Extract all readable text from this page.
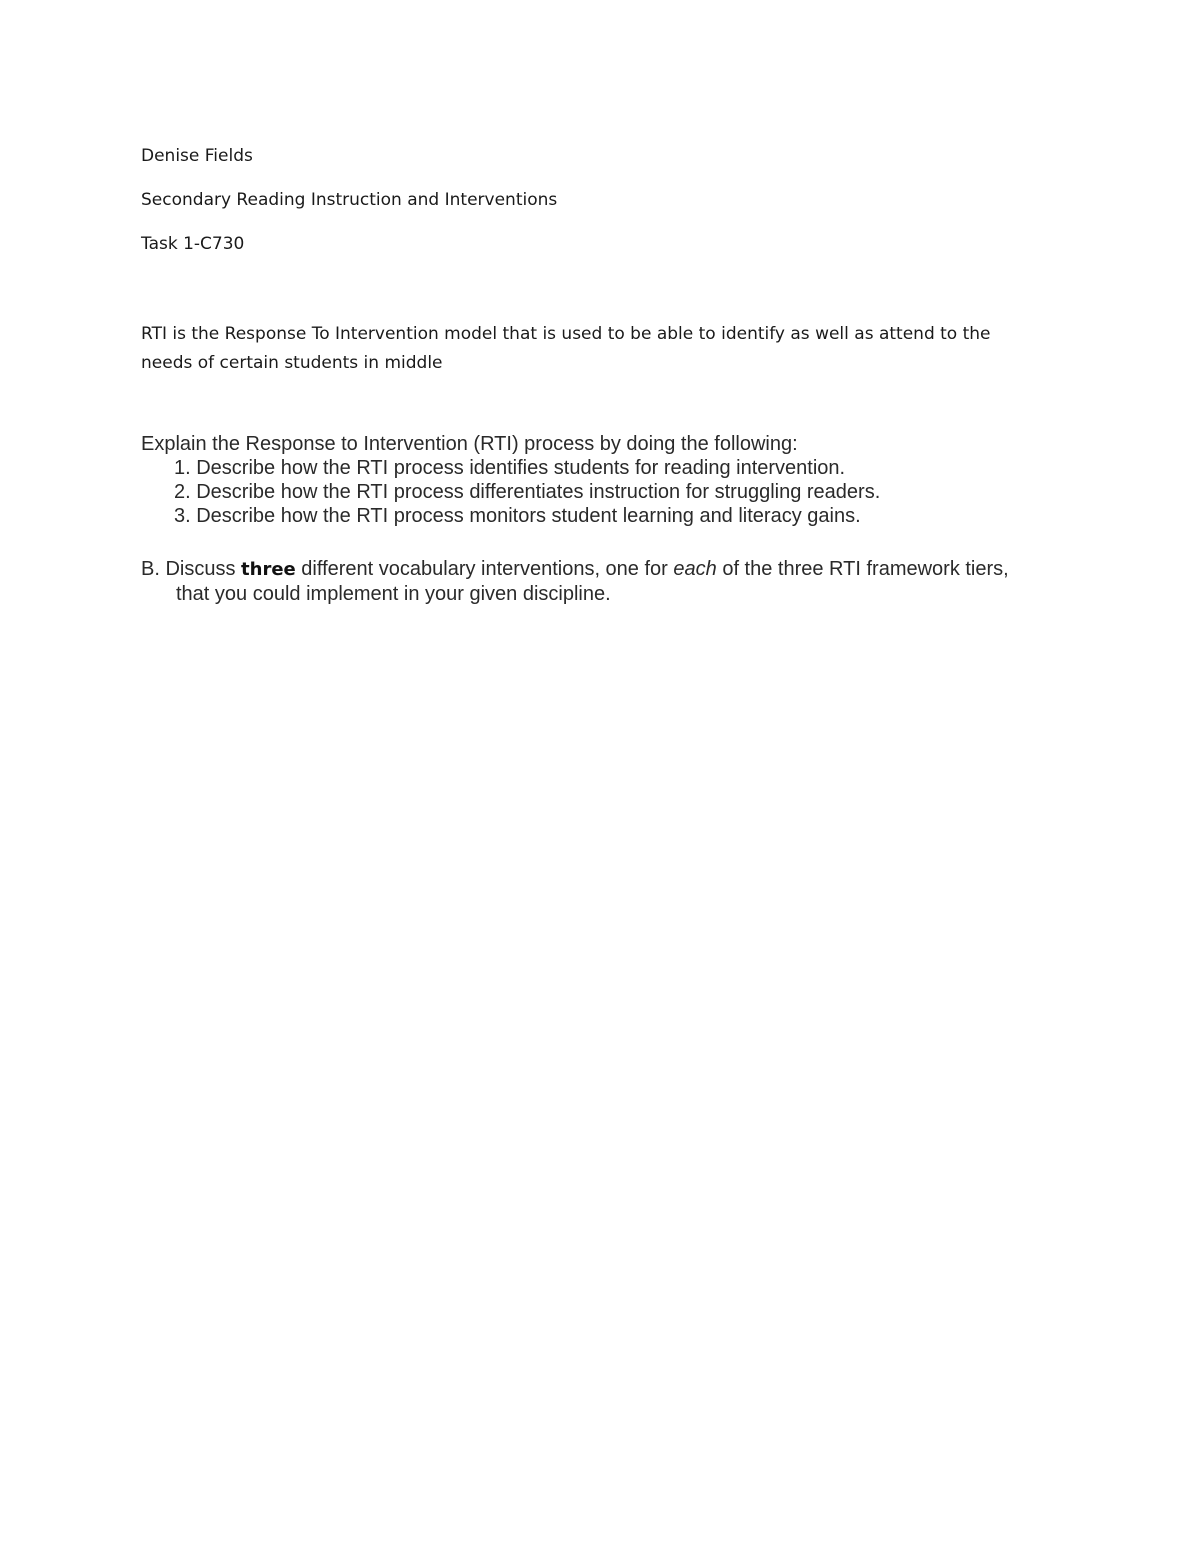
Denise Fields
Secondary Reading Instruction and Interventions
Task 1-C730
RTI is the Response To Intervention model that is used to be able to identify as well as attend to the needs of certain students in middle
Explain the Response to Intervention (RTI) process by doing the following:
1. Describe how the RTI process identifies students for reading intervention.
2. Describe how the RTI process differentiates instruction for struggling readers.
3. Describe how the RTI process monitors student learning and literacy gains.
B. Discuss three different vocabulary interventions, one for each of the three RTI framework tiers,
that you could implement in your given discipline.
